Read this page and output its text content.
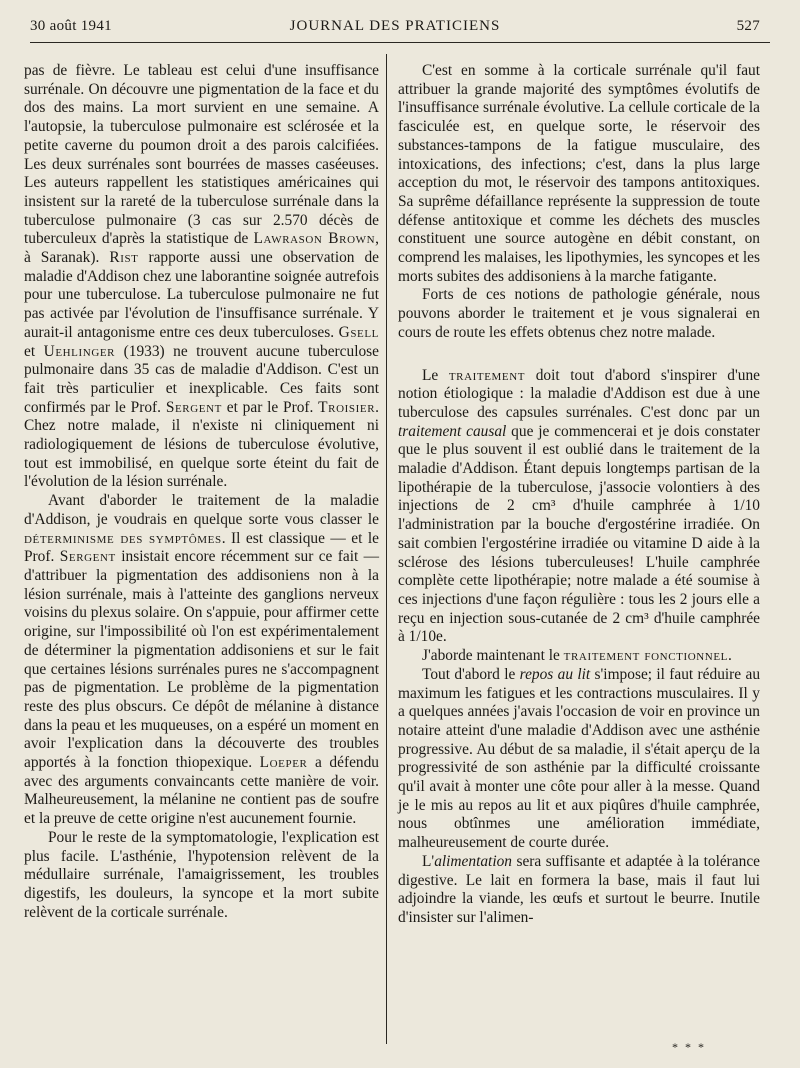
30 août 1941	JOURNAL DES PRATICIENS	527

pas de fièvre. Le tableau est celui d'une insuffisance surrénale. On découvre une pigmentation de la face et du dos des mains. La mort survient en une semaine. A l'autopsie, la tuberculose pulmonaire est sclérosée et la petite caverne du poumon droit a des parois calcifiées. Les deux surrénales sont bourrées de masses caséeuses. Les auteurs rappellent les statistiques américaines qui insistent sur la rareté de la tuberculose surrénale dans la tuberculose pulmonaire (3 cas sur 2.570 décès de tuberculeux d'après la statistique de Lawrason Brown, à Saranak). Rist rapporte aussi une observation de maladie d'Addison chez une laborantine soignée autrefois pour une tuberculose. La tuberculose pulmonaire ne fut pas activée par l'évolution de l'insuffisance surrénale. Y aurait-il antagonisme entre ces deux tuberculoses. Gsell et Uehlinger (1933) ne trouvent aucune tuberculose pulmonaire dans 35 cas de maladie d'Addison. C'est un fait très particulier et inexplicable. Ces faits sont confirmés par le Prof. Sergent et par le Prof. Troisier. Chez notre malade, il n'existe ni cliniquement ni radiologiquement de lésions de tuberculose évolutive, tout est immobilisé, en quelque sorte éteint du fait de l'évolution de la lésion surrénale.

Avant d'aborder le traitement de la maladie d'Addison, je voudrais en quelque sorte vous classer le déterminisme des symptômes. Il est classique — et le Prof. Sergent insistait encore récemment sur ce fait — d'attribuer la pigmentation des addisoniens non à la lésion surrénale, mais à l'atteinte des ganglions nerveux voisins du plexus solaire. On s'appuie, pour affirmer cette origine, sur l'impossibilité où l'on est expérimentalement de déterminer la pigmentation addisoniens et sur le fait que certaines lésions surrénales pures ne s'accompagnent pas de pigmentation. Le problème de la pigmentation reste des plus obscurs. Ce dépôt de mélanine à distance dans la peau et les muqueuses, on a espéré un moment en avoir l'explication dans la découverte des troubles apportés à la fonction thiopexique. Loeper a défendu avec des arguments convaincants cette manière de voir. Malheureusement, la mélanine ne contient pas de soufre et la preuve de cette origine n'est aucunement fournie.

Pour le reste de la symptomatologie, l'explication est plus facile. L'asthénie, l'hypotension relèvent de la médullaire surrénale, l'amaigrissement, les troubles digestifs, les douleurs, la syncope et la mort subite relèvent de la corticale surrénale.

C'est en somme à la corticale surrénale qu'il faut attribuer la grande majorité des symptômes évolutifs de l'insuffisance surrénale évolutive. La cellule corticale de la fasciculée est, en quelque sorte, le réservoir des substances-tampons de la fatigue musculaire, des intoxications, des infections; c'est, dans la plus large acception du mot, le réservoir des tampons antitoxiques. Sa suprême défaillance représente la suppression de toute défense antitoxique et comme les déchets des muscles constituent une source autogène en débit constant, on comprend les malaises, les lipothymies, les syncopes et les morts subites des addisoniens à la marche fatigante.

Forts de ces notions de pathologie générale, nous pouvons aborder le traitement et je vous signalerai en cours de route les effets obtenus chez notre malade.

Le traitement doit tout d'abord s'inspirer d'une notion étiologique : la maladie d'Addison est due à une tuberculose des capsules surrénales. C'est donc par un traitement causal que je commencerai et je dois constater que le plus souvent il est oublié dans le traitement de la maladie d'Addison. Étant depuis longtemps partisan de la lipothérapie de la tuberculose, j'associe volontiers à des injections de 2 cm³ d'huile camphrée à 1/10 l'administration par la bouche d'ergostérine irradiée. On sait combien l'ergostérine irradiée ou vitamine D aide à la sclérose des lésions tuberculeuses! L'huile camphrée complète cette lipothérapie; notre malade a été soumise à ces injections d'une façon régulière : tous les 2 jours elle a reçu en injection sous-cutanée de 2 cm³ d'huile camphrée à 1/10e.

J'aborde maintenant le traitement fonctionnel.

Tout d'abord le repos au lit s'impose; il faut réduire au maximum les fatigues et les contractions musculaires. Il y a quelques années j'avais l'occasion de voir en province un notaire atteint d'une maladie d'Addison avec une asthénie progressive. Au début de sa maladie, il s'était aperçu de la progressivité de son asthénie par la difficulté croissante qu'il avait à monter une côte pour aller à la messe. Quand je le mis au repos au lit et aux piqûres d'huile camphrée, nous obtînmes une amélioration immédiate, malheureusement de courte durée.

L'alimentation sera suffisante et adaptée à la tolérance digestive. Le lait en formera la base, mais il faut lui adjoindre la viande, les œufs et surtout le beurre. Inutile d'insister sur l'alimen-

* * *
